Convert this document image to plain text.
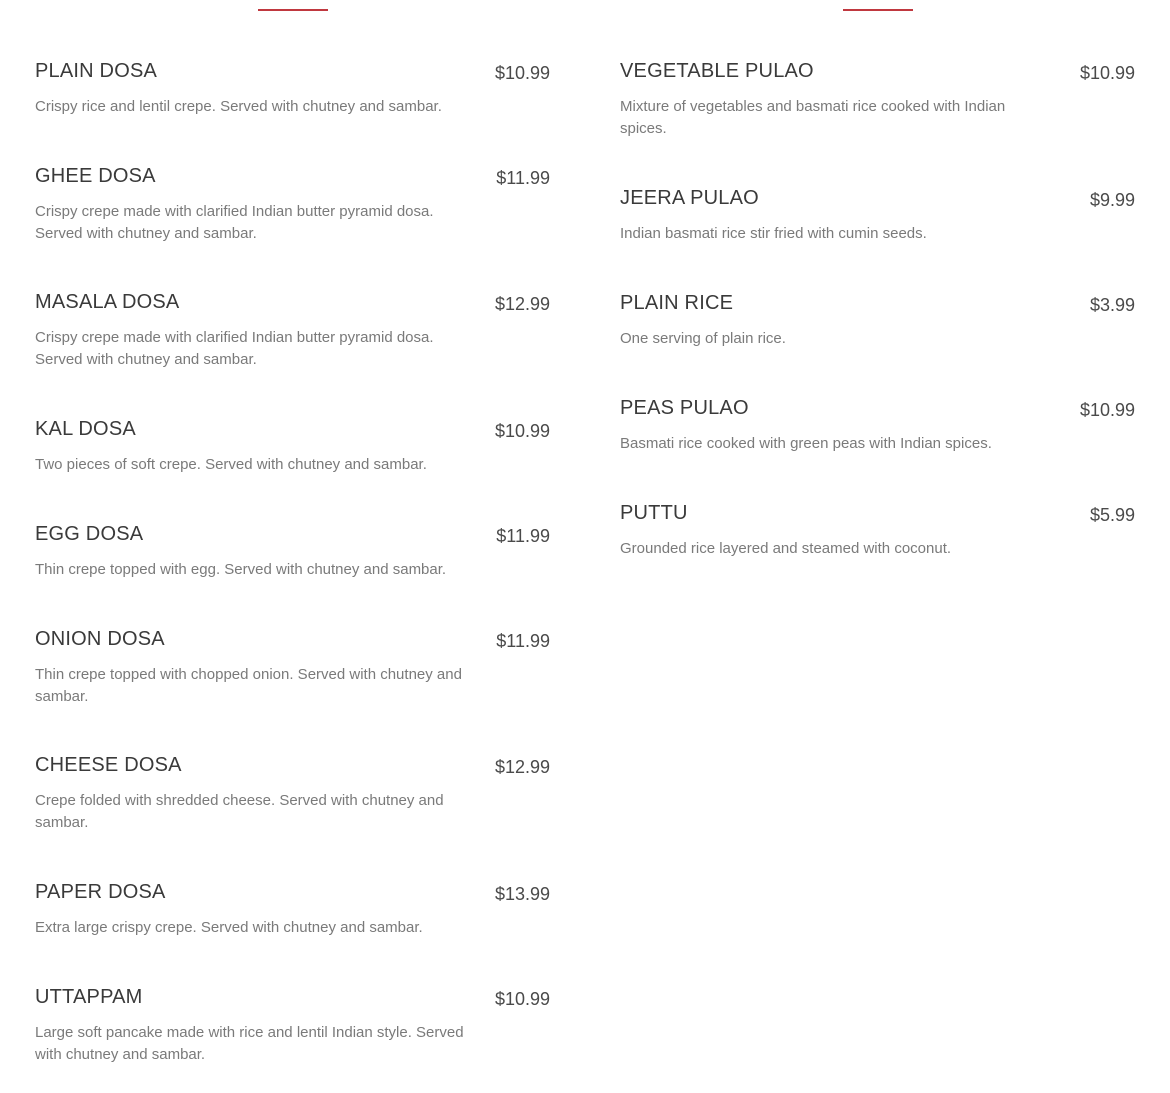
PLAIN DOSA	$10.99
Crispy rice and lentil crepe. Served with chutney and sambar.
GHEE DOSA	$11.99
Crispy crepe made with clarified Indian butter pyramid dosa. Served with chutney and sambar.
MASALA DOSA	$12.99
Crispy crepe made with clarified Indian butter pyramid dosa. Served with chutney and sambar.
KAL DOSA	$10.99
Two pieces of soft crepe. Served with chutney and sambar.
EGG DOSA	$11.99
Thin crepe topped with egg. Served with chutney and sambar.
ONION DOSA	$11.99
Thin crepe topped with chopped onion. Served with chutney and sambar.
CHEESE DOSA	$12.99
Crepe folded with shredded cheese. Served with chutney and sambar.
PAPER DOSA	$13.99
Extra large crispy crepe. Served with chutney and sambar.
UTTAPPAM	$10.99
Large soft pancake made with rice and lentil Indian style. Served with chutney and sambar.
VEGETABLE PULAO	$10.99
Mixture of vegetables and basmati rice cooked with Indian spices.
JEERA PULAO	$9.99
Indian basmati rice stir fried with cumin seeds.
PLAIN RICE	$3.99
One serving of plain rice.
PEAS PULAO	$10.99
Basmati rice cooked with green peas with Indian spices.
PUTTU	$5.99
Grounded rice layered and steamed with coconut.
